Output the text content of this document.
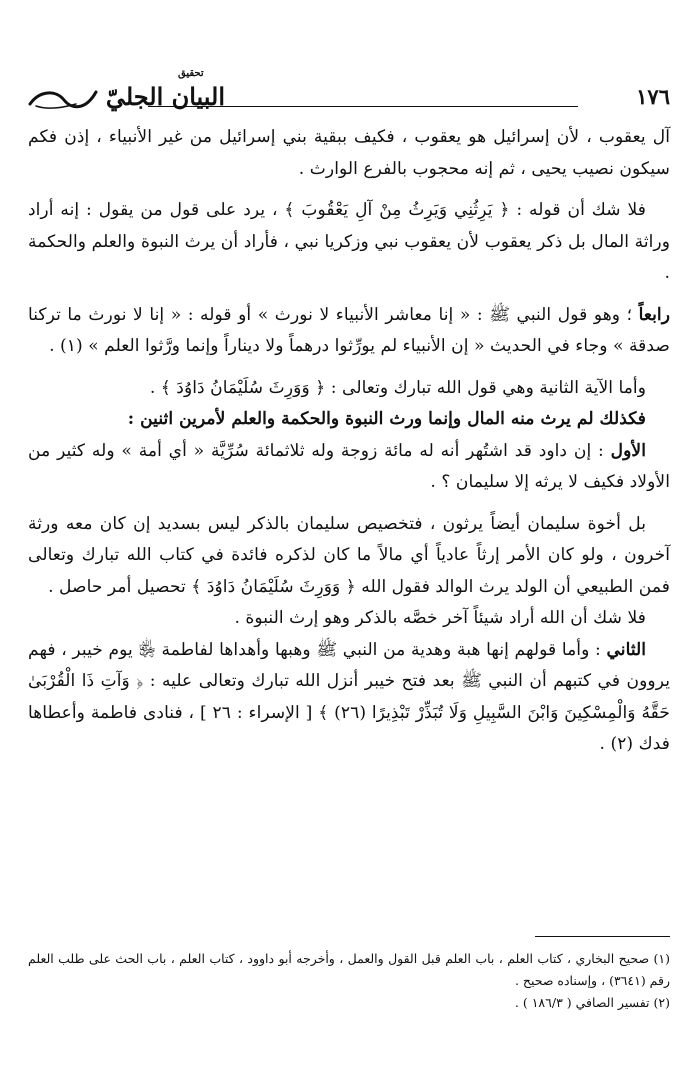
١٧٦
تحقيق
البيان الجليّ

آل يعقوب ، لأن إسرائيل هو يعقوب ، فكيف ببقية بني إسرائيل من غير الأنبياء ، إذن فكم سيكون نصيب يحيى ، ثم إنه محجوب بالفرع الوارث .

فلا شك أن قوله : ﴿ يَرِثُنِي وَيَرِثُ مِنْ آلِ يَعْقُوبَ ﴾ ، يرد على قول من يقول : إنه أراد وراثة المال بل ذكر يعقوب لأن يعقوب نبي وزكريا نبي ، فأراد أن يرث النبوة والعلم والحكمة .

رابعاً ؛ وهو قول النبي ﷺ : « إنا معاشر الأنبياء لا نورث » أو قوله : « إنا لا نورث ما تركنا صدقة » وجاء في الحديث « إن الأنبياء لم يورِّثوا درهماً ولا ديناراً وإنما ورَّثوا العلم » (١) .

وأما الآية الثانية وهي قول الله تبارك وتعالى : ﴿ وَوَرِثَ سُلَيْمَانُ دَاوُدَ ﴾ .

فكذلك لم يرث منه المال وإنما ورث النبوة والحكمة والعلم لأمرين اثنين :

الأول : إن داود قد اشتُهر أنه له مائة زوجة وله ثلاثمائة سُرِّيَّة « أي أمة » وله كثير من الأولاد فكيف لا يرثه إلا سليمان ؟ .

بل أخوة سليمان أيضاً يرثون ، فتخصيص سليمان بالذكر ليس بسديد إن كان معه ورثة آخرون ، ولو كان الأمر إرثاً عادياً أي مالاً ما كان لذكره فائدة في كتاب الله تبارك وتعالى فمن الطبيعي أن الولد يرث الوالد فقول الله ﴿ وَوَرِثَ سُلَيْمَانُ دَاوُدَ ﴾ تحصيل أمر حاصل .

فلا شك أن الله أراد شيئاً آخر خصَّه بالذكر وهو إرث النبوة .

الثاني : وأما قولهم إنها هبة وهدية من النبي ﷺ وهبها وأهداها لفاطمة ﵂ يوم خيبر ، فهم يروون في كتبهم أن النبي ﷺ بعد فتح خيبر أنزل الله تبارك وتعالى عليه : ﴿ وَآتِ ذَا الْقُرْبَىٰ حَقَّهُ وَالْمِسْكِينَ وَابْنَ السَّبِيلِ وَلَا تُبَذِّرْ تَبْذِيرًا (٢٦) ﴾ [ الإسراء : ٢٦ ] ، فنادى فاطمة وأعطاها فدك (٢) .

(١) صحيح البخاري ، كتاب العلم ، باب العلم قبل القول والعمل ، وأخرجه أبو داوود ، كتاب العلم ، باب الحث على طلب العلم رقم (٣٦٤١) ، وإسناده صحيح .

(٢) تفسير الصافي ( ١٨٦/٣ ) .
